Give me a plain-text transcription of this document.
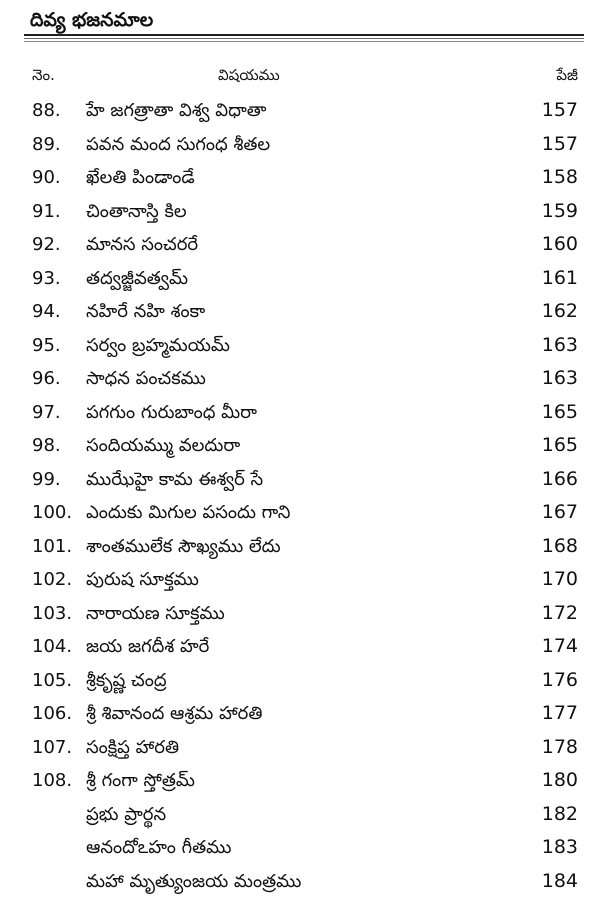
దివ్య భజనమాల
నెం.	విషయము	పేజీ
88.	హే జగత్రాతా విశ్వ విధాతా	157
89.	పవన మంద సుగంధ శీతల	157
90.	ఖేలతి పిండాండే	158
91.	చింతానాస్తి కిల	159
92.	మానస సంచరరే	160
93.	తద్వజ్జీవత్వమ్	161
94.	నహిరే నహి శంకా	162
95.	సర్వం బ్రహ్మమయమ్	163
96.	సాధన పంచకము	163
97.	పగగుం గురుబాంధ మీరా	165
98.	సందియమ్ము వలదురా	165
99.	ముఝేహై కామ ఈశ్వర్ సే	166
100. ఎందుకు మిగుల పసందు గాని	167
101. శాంతములేక సౌఖ్యము లేదు	168
102. పురుష సూక్తము	170
103. నారాయణ సూక్తము	172
104. జయ జగదీశ హరే	174
105. శ్రీకృష్ణ చంద్ర	176
106. శ్రీ శివానంద ఆశ్రమ హారతి	177
107. సంక్షిప్త హారతి	178
108. శ్రీ గంగా స్తోత్రమ్	180
ప్రభు ప్రార్థన	182
ఆనందోఽహం గీతము	183
మహా మృత్యుంజయ మంత్రము	184
